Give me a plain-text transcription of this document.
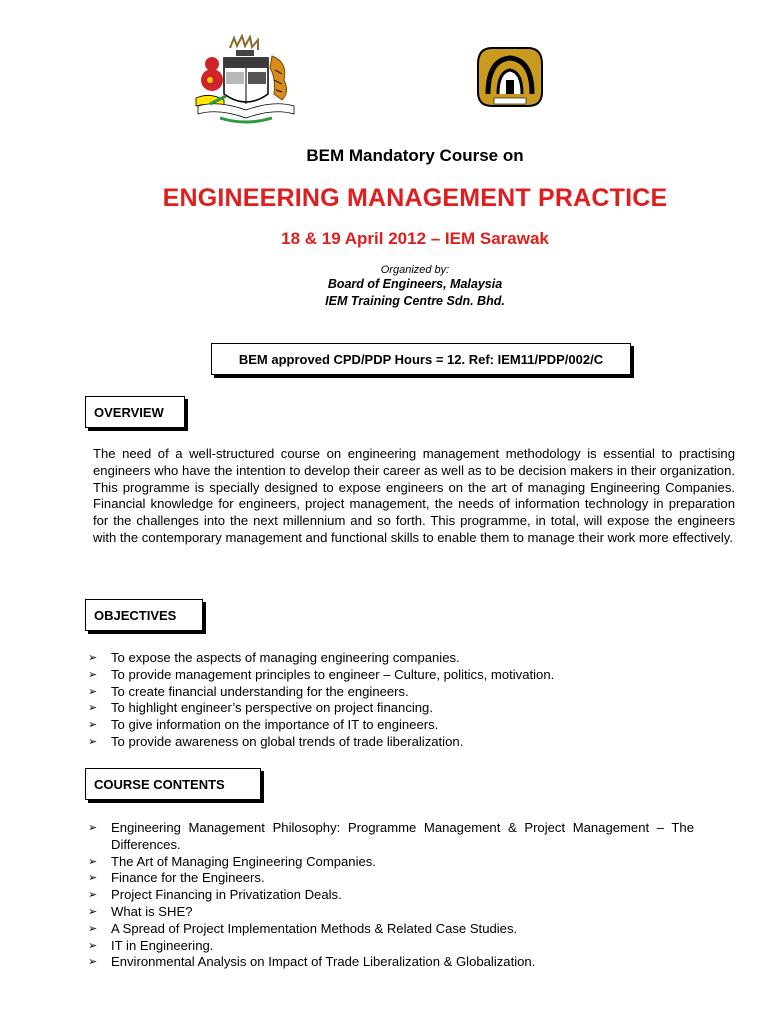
BEM Mandatory Course on
ENGINEERING MANAGEMENT PRACTICE
18 & 19 April 2012 – IEM Sarawak
Organized by:
Board of Engineers, Malaysia
IEM Training Centre Sdn. Bhd.
BEM approved CPD/PDP Hours = 12. Ref: IEM11/PDP/002/C
OVERVIEW

The need of a well-structured course on engineering management methodology is essential to practising engineers who have the intention to develop their career as well as to be decision makers in their organization. This programme is specially designed to expose engineers on the art of managing Engineering Companies. Financial knowledge for engineers, project management, the needs of information technology in preparation for the challenges into the next millennium and so forth. This programme, in total, will expose the engineers with the contemporary management and functional skills to enable them to manage their work more effectively.

OBJECTIVES
➢ To expose the aspects of managing engineering companies.
➢ To provide management principles to engineer – Culture, politics, motivation.
➢ To create financial understanding for the engineers.
➢ To highlight engineer’s perspective on project financing.
➢ To give information on the importance of IT to engineers.
➢ To provide awareness on global trends of trade liberalization.
COURSE CONTENTS
➢ Engineering Management Philosophy: Programme Management & Project Management – The Differences.
➢ The Art of Managing Engineering Companies.
➢ Finance for the Engineers.
➢ Project Financing in Privatization Deals.
➢ What is SHE?
➢ A Spread of Project Implementation Methods & Related Case Studies.
➢ IT in Engineering.
➢ Environmental Analysis on Impact of Trade Liberalization & Globalization.
